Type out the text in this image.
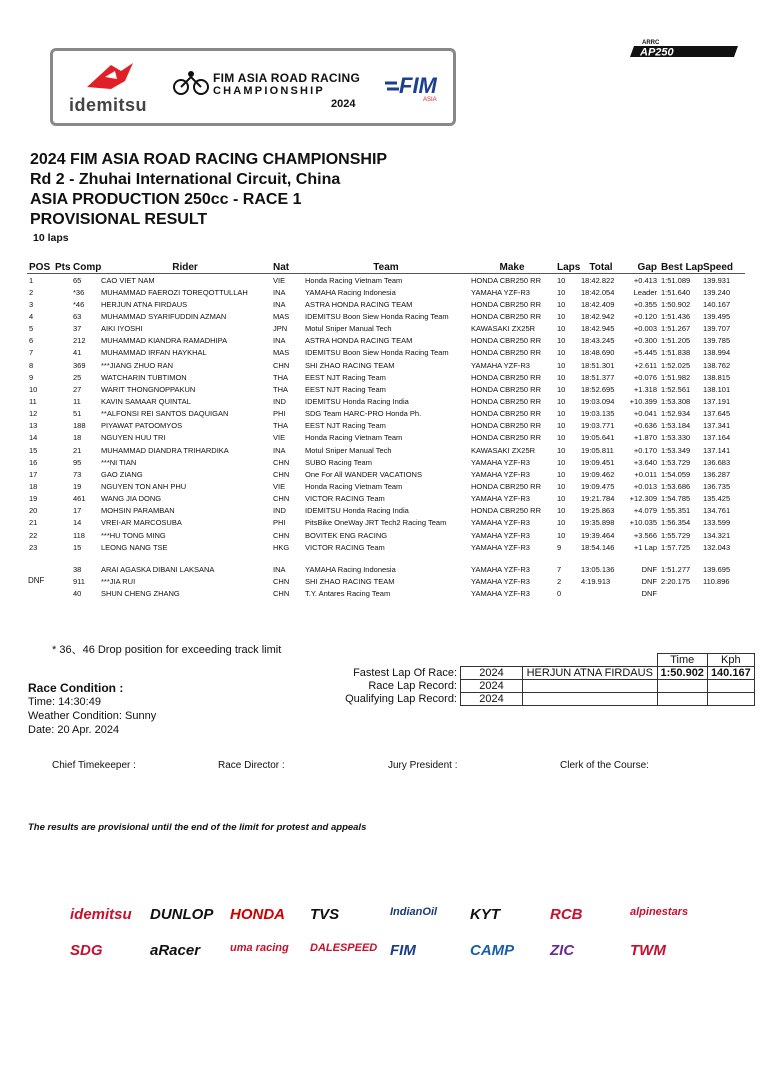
idemitsu
FIM ASIA ROAD RACING
CHAMPIONSHIP
2024
FIM
ASIA
ARRC
AP250
2024 FIM ASIA ROAD RACING CHAMPIONSHIP
Rd 2 - Zhuhai International Circuit, China
ASIA PRODUCTION 250cc - RACE 1
PROVISIONAL RESULT
10 laps
POS	Pts	Comp	Rider	Nat	Team	Make	Laps	Total	Gap	Best Lap	Speed
1		65	CAO VIET NAM	VIE	Honda Racing Vietnam Team	HONDA CBR250 RR	10	18:42.822	+0.413	1:51.089	139.931
2		*36	MUHAMMAD FAEROZI TOREQOTTULLAH	INA	YAMAHA Racing Indonesia	YAMAHA YZF-R3	10	18:42.054	Leader	1:51.640	139.240
3		*46	HERJUN ATNA FIRDAUS	INA	ASTRA HONDA RACING TEAM	HONDA CBR250 RR	10	18:42.409	+0.355	1:50.902	140.167
4		63	MUHAMMAD SYARIFUDDIN AZMAN	MAS	IDEMITSU Boon Siew Honda Racing Team	HONDA CBR250 RR	10	18:42.942	+0.120	1:51.436	139.495
5		37	AIKI IYOSHI	JPN	Motul Sniper Manual Tech	KAWASAKI ZX25R	10	18:42.945	+0.003	1:51.267	139.707
6		212	MUHAMMAD KIANDRA RAMADHIPA	INA	ASTRA HONDA RACING TEAM	HONDA CBR250 RR	10	18:43.245	+0.300	1:51.205	139.785
7		41	MUHAMMAD IRFAN HAYKHAL	MAS	IDEMITSU Boon Siew Honda Racing Team	HONDA CBR250 RR	10	18:48.690	+5.445	1:51.838	138.994
8		369	***JIANG ZHUO RAN	CHN	SHI ZHAO RACING TEAM	YAMAHA YZF-R3	10	18:51.301	+2.611	1:52.025	138.762
9		25	WATCHARIN TUBTIMON	THA	EEST NJT Racing Team	HONDA CBR250 RR	10	18:51.377	+0.076	1:51.982	138.815
10		27	WARIT THONGNOPPAKUN	THA	EEST NJT Racing Team	HONDA CBR250 RR	10	18:52.695	+1.318	1:52.561	138.101
11		11	KAVIN SAMAAR QUINTAL	IND	IDEMITSU Honda Racing India	HONDA CBR250 RR	10	19:03.094	+10.399	1:53.308	137.191
12		51	**ALFONSI REI SANTOS DAQUIGAN	PHI	SDG Team HARC-PRO Honda Ph.	HONDA CBR250 RR	10	19:03.135	+0.041	1:52.934	137.645
13		188	PIYAWAT PATOOMYOS	THA	EEST NJT Racing Team	HONDA CBR250 RR	10	19:03.771	+0.636	1:53.184	137.341
14		18	NGUYEN HUU TRI	VIE	Honda Racing Vietnam Team	HONDA CBR250 RR	10	19:05.641	+1.870	1:53.330	137.164
15		21	MUHAMMAD DIANDRA TRIHARDIKA	INA	Motul Sniper Manual Tech	KAWASAKI ZX25R	10	19:05.811	+0.170	1:53.349	137.141
16		95	***NI TIAN	CHN	SUBO Racing Team	YAMAHA YZF-R3	10	19:09.451	+3.640	1:53.729	136.683
17		73	GAO ZIANG	CHN	One For All WANDER VACATIONS	YAMAHA YZF-R3	10	19:09.462	+0.011	1:54.059	136.287
18		19	NGUYEN TON ANH PHU	VIE	Honda Racing Vietnam Team	HONDA CBR250 RR	10	19:09.475	+0.013	1:53.686	136.735
19		461	WANG JIA DONG	CHN	VICTOR RACING Team	YAMAHA YZF-R3	10	19:21.784	+12.309	1:54.785	135.425
20		17	MOHSIN PARAMBAN	IND	IDEMITSU Honda Racing India	HONDA CBR250 RR	10	19:25.863	+4.079	1:55.351	134.761
21		14	VREI-AR MARCOSUBA	PHI	PitsBike OneWay JRT Tech2 Racing Team	YAMAHA YZF-R3	10	19:35.898	+10.035	1:56.354	133.599
22		118	***HU TONG MING	CHN	BOVITEK ENG RACING	YAMAHA YZF-R3	10	19:39.464	+3.566	1:55.729	134.321
23		15	LEONG NANG TSE	HKG	VICTOR RACING Team	YAMAHA YZF-R3	9	18:54.146	+1 Lap	1:57.725	132.043

		38	ARAI AGASKA DIBANI LAKSANA	INA	YAMAHA Racing Indonesia	YAMAHA YZF-R3	7	13:05.136	DNF	1:51.277	139.695
		911	***JIA RUI	CHN	SHI ZHAO RACING TEAM	YAMAHA YZF-R3	2	4:19.913	DNF	2:20.175	110.896
		40	SHUN CHENG ZHANG	CHN	T.Y. Antares Racing Team	YAMAHA YZF-R3	0		DNF		
DNF
* 36、46 Drop position for exceeding track limit
Race Condition :
Time: 14:30:49
Weather Condition: Sunny
Date: 20 Apr. 2024
			Time	Kph
Fastest Lap Of Race:	2024	HERJUN ATNA FIRDAUS	1:50.902	140.167
Race Lap Record:	2024			
Qualifying Lap Record:	2024			
Chief Timekeeper :	Race Director :	Jury President :	Clerk of the Course:
The results are provisional until the end of the limit for protest and appeals
idemitsu DUNLOP HONDA TVS	IndianOil KYT	RCB	alpinestars
SDG	aRacer	uma racing DALESPEED FIM	CAMP ZIC	TWM
